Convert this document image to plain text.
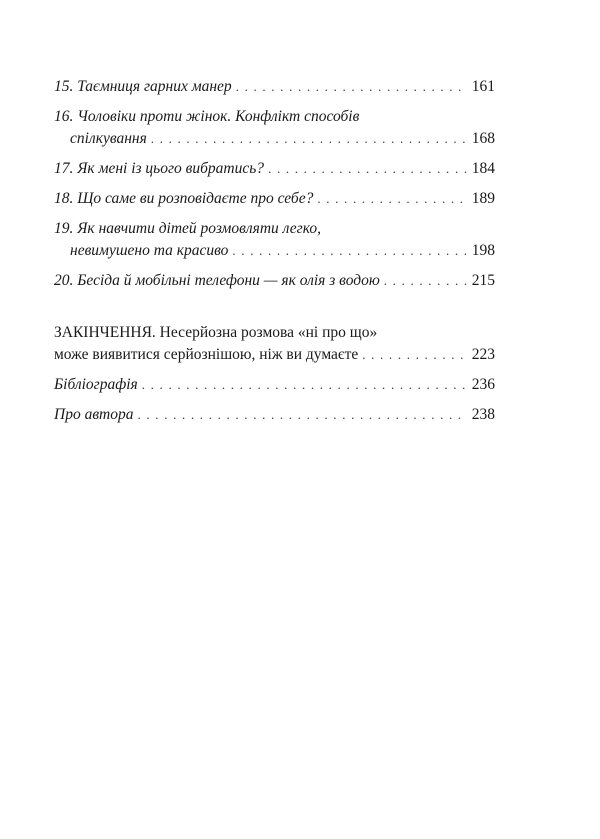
15. Таємниця гарних манер . . .	161
16. Чоловіки проти жінок. Конфлікт способів
спілкування . . .	168
17. Як мені із цього вибратись? . . .	184
18. Що саме ви розповідаєте про себе? . . .	189
19. Як навчити дітей розмовляти легко,
невимушено та красиво . . .	198
20. Бесіда й мобільні телефони — як олія з водою . . .	215
ЗАКІНЧЕННЯ. Несерйозна розмова «ні про що»
може виявитися серйознішою, ніж ви думаєте . . .	223
Бібліографія . . .	236
Про автора . . .	238
